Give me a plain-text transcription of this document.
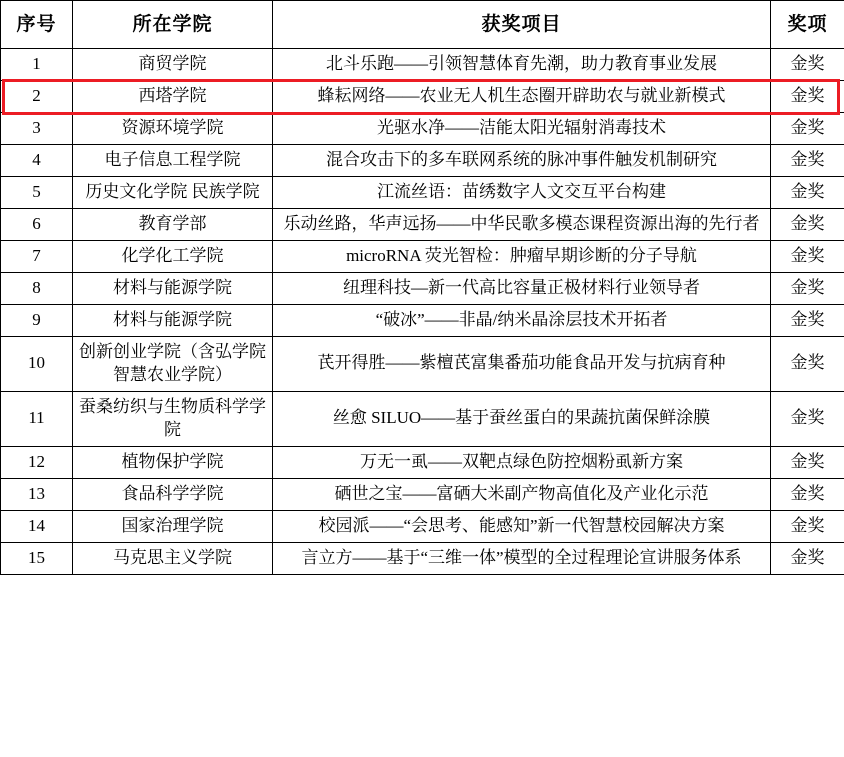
序号	所在学院	获奖项目	奖项
1	商贸学院	北斗乐跑——引领智慧体育先潮，助力教育事业发展	金奖
2	西塔学院	蜂耘网络——农业无人机生态圈开辟助农与就业新模式	金奖
3	资源环境学院	光驱水净——洁能太阳光辐射消毒技术	金奖
4	电子信息工程学院	混合攻击下的多车联网系统的脉冲事件触发机制研究	金奖
5	历史文化学院 民族学院	江流丝语：苗绣数字人文交互平台构建	金奖
6	教育学部	乐动丝路，华声远扬——中华民歌多模态课程资源出海的先行者	金奖
7	化学化工学院	microRNA 荧光智检：肿瘤早期诊断的分子导航	金奖
8	材料与能源学院	纽理科技—新一代高比容量正极材料行业领导者	金奖
9	材料与能源学院	“破冰”——非晶/纳米晶涂层技术开拓者	金奖
10	创新创业学院（含弘学院 智慧农业学院）	芪开得胜——紫檀芪富集番茄功能食品开发与抗病育种	金奖
11	蚕桑纺织与生物质科学学院	丝愈 SILUO——基于蚕丝蛋白的果蔬抗菌保鲜涂膜	金奖
12	植物保护学院	万无一虱——双靶点绿色防控烟粉虱新方案	金奖
13	食品科学学院	硒世之宝——富硒大米副产物高值化及产业化示范	金奖
14	国家治理学院	校园派——“会思考、能感知”新一代智慧校园解决方案	金奖
15	马克思主义学院	言立方——基于“三维一体”模型的全过程理论宣讲服务体系	金奖
